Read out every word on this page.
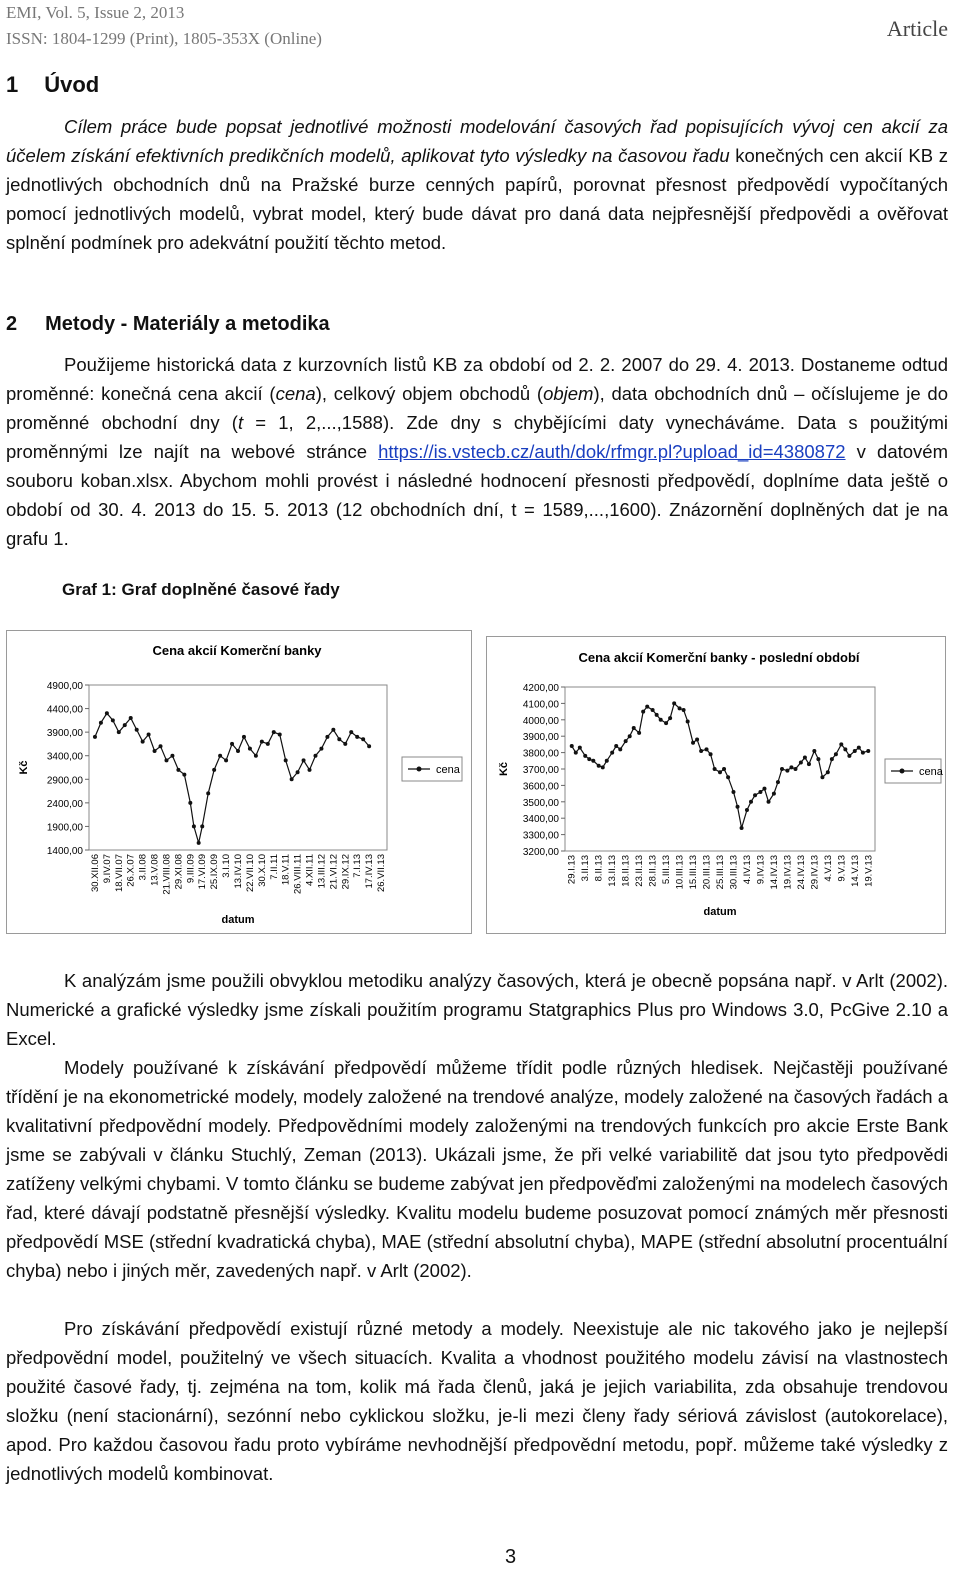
EMI, Vol. 5, Issue 2, 2013
ISSN: 1804-1299 (Print), 1805-353X (Online)	Article
1 Úvod
Cílem práce bude popsat jednotlivé možnosti modelování časových řad popisujících vývoj cen akcií za účelem získání efektivních predikčních modelů, aplikovat tyto výsledky na časovou řadu konečných cen akcií KB z jednotlivých obchodních dnů na Pražské burze cenných papírů, porovnat přesnost předpovědí vypočítaných pomocí jednotlivých modelů, vybrat model, který bude dávat pro daná data nejpřesnější předpovědi a ověřovat splnění podmínek pro adekvátní použití těchto metod.
2 Metody - Materiály a metodika
Použijeme historická data z kurzovních listů KB za období od 2. 2. 2007 do 29. 4. 2013. Dostaneme odtud proměnné: konečná cena akcií (cena), celkový objem obchodů (objem), data obchodních dnů – očíslujeme je do proměnné obchodní dny (t = 1, 2,...,1588). Zde dny s chybějícími daty vynecháváme. Data s použitými proměnnými lze najít na webové stránce https://is.vstecb.cz/auth/dok/rfmgr.pl?upload_id=4380872 v datovém souboru koban.xlsx. Abychom mohli provést i následné hodnocení přesnosti předpovědí, doplníme data ještě o období od 30. 4. 2013 do 15. 5. 2013 (12 obchodních dní, t = 1589,...,1600). Znázornění doplněných dat je na grafu 1.
Graf 1: Graf doplněné časové řady
Cena akcií Komerční banky
4900,00
4400,00
3900,00
3400,00
2900,00
2400,00
1900,00
1400,00
30.XII.06 9.IV.07 18.VII.07 26.X.07 3.II.08 13.V.08 21.VIII.08 29.XI.08 9.III.09 17.VI.09 25.IX.09 3.I.10 13.IV.10 22.VII.10 30.X.10 7.II.11 18.V.11 26.VIII.11 4.XII.11 13.III.12 21.VI.12 29.IX.12 7.I.13 17.IV.13 26.VII.13
Kč
datum
cena
Cena akcií Komerční banky - poslední období
4200,00
4100,00
4000,00
3900,00
3800,00
3700,00
3600,00
3500,00
3400,00
3300,00
3200,00
29.I.13 3.II.13 8.II.13 13.II.13 18.II.13 23.II.13 28.II.13 5.III.13 10.III.13 15.III.13 20.III.13 25.III.13 30.III.13 4.IV.13 9.IV.13 14.IV.13 19.IV.13 24.IV.13 29.IV.13 4.V.13 9.V.13 14.V.13 19.V.13
Kč
datum
cena
K analýzám jsme použili obvyklou metodiku analýzy časových, která je obecně popsána např. v Arlt (2002). Numerické a grafické výsledky jsme získali použitím programu Statgraphics Plus pro Windows 3.0, PcGive 2.10 a Excel.
Modely používané k získávání předpovědí můžeme třídit podle různých hledisek. Nejčastěji používané třídění je na ekonometrické modely, modely založené na trendové analýze, modely založené na časových řadách a kvalitativní předpovědní modely. Předpovědními modely založenými na trendových funkcích pro akcie Erste Bank jsme se zabývali v článku Stuchlý, Zeman (2013). Ukázali jsme, že při velké variabilitě dat jsou tyto předpovědi zatíženy velkými chybami. V tomto článku se budeme zabývat jen předpověďmi založenými na modelech časových řad, které dávají podstatně přesnější výsledky. Kvalitu modelu budeme posuzovat pomocí známých měr přesnosti předpovědí MSE (střední kvadratická chyba), MAE (střední absolutní chyba), MAPE (střední absolutní procentuální chyba) nebo i jiných měr, zavedených např. v Arlt (2002).
Pro získávání předpovědí existují různé metody a modely. Neexistuje ale nic takového jako je nejlepší předpovědní model, použitelný ve všech situacích. Kvalita a vhodnost použitého modelu závisí na vlastnostech použité časové řady, tj. zejména na tom, kolik má řada členů, jaká je jejich variabilita, zda obsahuje trendovou složku (není stacionární), sezónní nebo cyklickou složku, je-li mezi členy řady sériová závislost (autokorelace), apod. Pro každou časovou řadu proto vybíráme nevhodnější předpovědní metodu, popř. můžeme také výsledky z jednotlivých modelů kombinovat.
3
